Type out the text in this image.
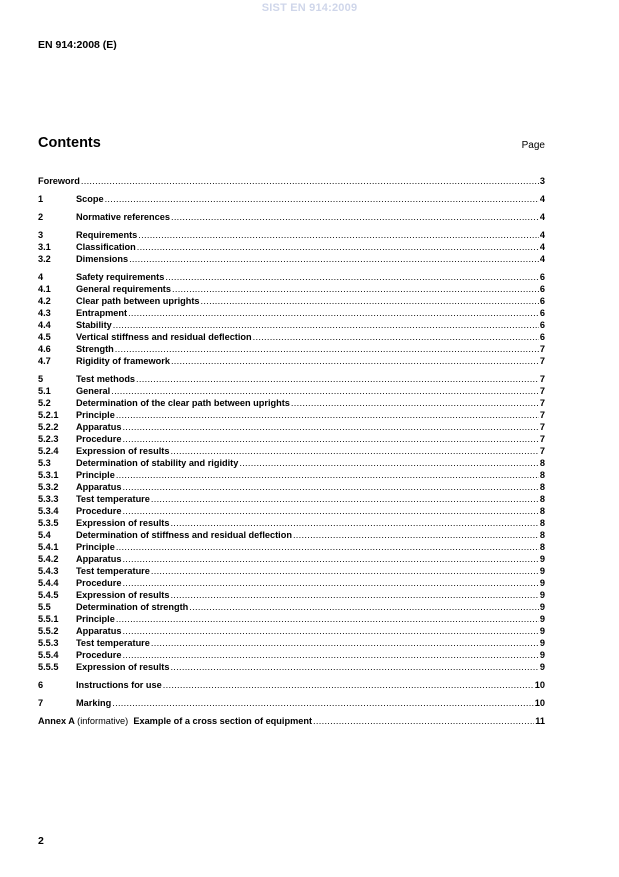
SIST EN 914:2009
EN 914:2008 (E)
Contents	Page
Foreword .....	3
1	Scope .....	4
2	Normative references .....	4
3	Requirements .....	4
3.1	Classification .....	4
3.2	Dimensions .....	4
4	Safety requirements .....	6
4.1	General requirements .....	6
4.2	Clear path between uprights .....	6
4.3	Entrapment .....	6
4.4	Stability .....	6
4.5	Vertical stiffness and residual deflection .....	6
4.6	Strength .....	7
4.7	Rigidity of framework .....	7
5	Test methods .....	7
5.1	General .....	7
5.2	Determination of the clear path between uprights .....	7
5.2.1	Principle .....	7
5.2.2	Apparatus .....	7
5.2.3	Procedure .....	7
5.2.4	Expression of results .....	7
5.3	Determination of stability and rigidity .....	8
5.3.1	Principle .....	8
5.3.2	Apparatus .....	8
5.3.3	Test temperature .....	8
5.3.4	Procedure .....	8
5.3.5	Expression of results .....	8
5.4	Determination of stiffness and residual deflection .....	8
5.4.1	Principle .....	8
5.4.2	Apparatus .....	9
5.4.3	Test temperature .....	9
5.4.4	Procedure .....	9
5.4.5	Expression of results .....	9
5.5	Determination of strength .....	9
5.5.1	Principle .....	9
5.5.2	Apparatus .....	9
5.5.3	Test temperature .....	9
5.5.4	Procedure .....	9
5.5.5	Expression of results .....	9
6	Instructions for use .....	10
7	Marking .....	10
Annex A (informative) Example of a cross section of equipment .....	11
2
